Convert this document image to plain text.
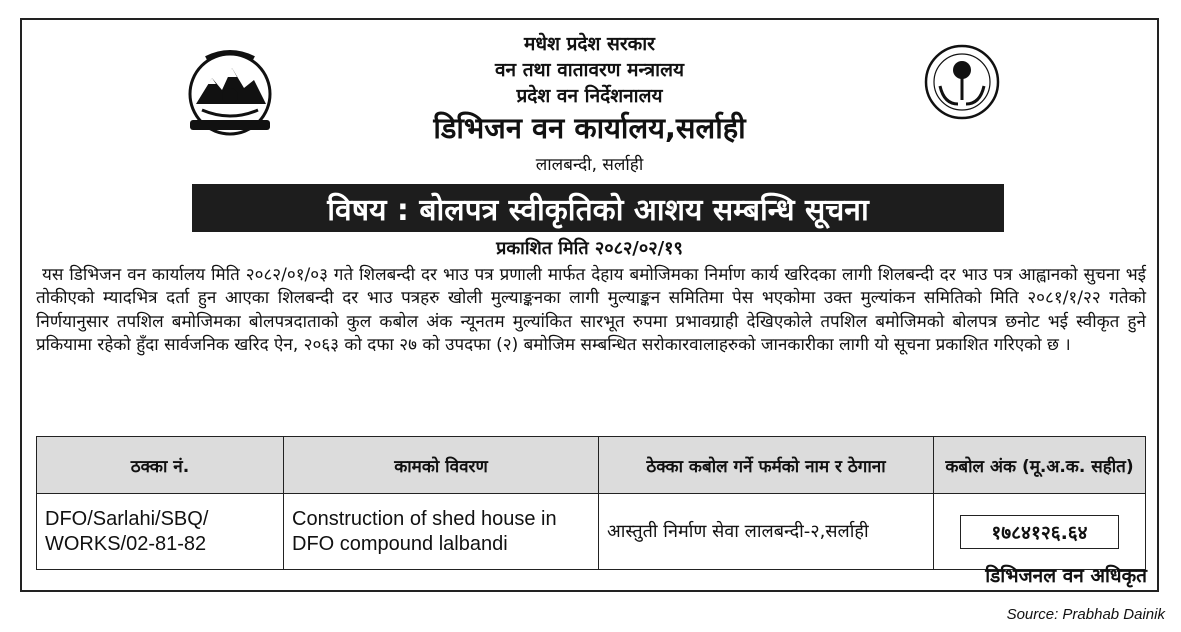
मधेश प्रदेश सरकार
वन तथा वातावरण मन्त्रालय
प्रदेश वन निर्देशनालय
डिभिजन वन कार्यालय,सर्लाही
लालबन्दी, सर्लाही
विषय : बोलपत्र स्वीकृतिको आशय सम्बन्धि सूचना
प्रकाशित मिति २०८२/०२/१९
यस डिभिजन वन कार्यालय मिति २०८२/०१/०३ गते शिलबन्दी दर भाउ पत्र प्रणाली मार्फत देहाय बमोजिमका निर्माण कार्य खरिदका लागी शिलबन्दी दर भाउ पत्र आह्वानको सुचना भई तोकीएको म्यादभित्र दर्ता हुन आएका शिलबन्दी दर भाउ पत्रहरु खोली मुल्याङ्कनका लागी मुल्याङ्कन समितिमा पेस भएकोमा उक्त मुल्यांकन समितिको मिति २०८१/१/२२ गतेको निर्णयानुसार तपशिल बमोजिमका बोलपत्रदाताको कुल कबोल अंक न्यूनतम मुल्यांकित सारभूत रुपमा प्रभावग्राही देखिएकोले तपशिल बमोजिमको बोलपत्र छनोट भई स्वीकृत हुने प्रकियामा रहेको हुँदा सार्वजनिक खरिद ऐन, २०६३ को दफा २७ को उपदफा (२) बमोजिम सम्बन्धित सरोकारवालाहरुको जानकारीका लागी यो सूचना प्रकाशित गरिएको छ ।
ठक्का नं.	कामको विवरण	ठेक्का कबोल गर्ने फर्मको नाम र ठेगाना	कबोल अंक (मू.अ.क. सहीत)
DFO/Sarlahi/SBQ/ WORKS/02-81-82	Construction of shed house in DFO compound lalbandi	आस्तुती निर्माण सेवा लालबन्दी-२,सर्लाही	१७८४१२६.६४
डिभिजनल वन अधिकृत
Source: Prabhab Dainik
